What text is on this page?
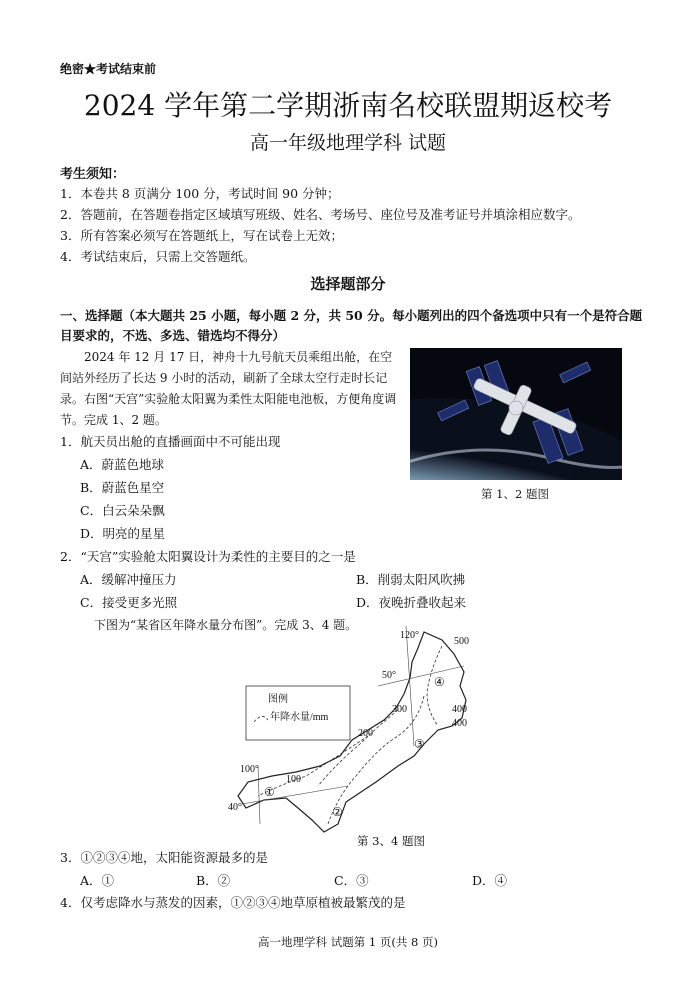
绝密★考试结束前
2024 学年第二学期浙南名校联盟期返校考
高一年级地理学科 试题
考生须知：
1．本卷共 8 页满分 100 分，考试时间 90 分钟；
2．答题前，在答题卷指定区域填写班级、姓名、考场号、座位号及准考证号并填涂相应数字。
3．所有答案必须写在答题纸上，写在试卷上无效；
4．考试结束后，只需上交答题纸。
选择题部分
一、选择题（本大题共 25 小题，每小题 2 分，共 50 分。每小题列出的四个备选项中只有一个是符合题目要求的，不选、多选、错选均不得分）
2024 年 12 月 17 日，神舟十九号航天员乘组出舱，在空间站外经历了长达 9 小时的活动，刷新了全球太空行走时长记录。右图“天宫”实验舱太阳翼为柔性太阳能电池板，方便角度调节。完成 1、2 题。
第 1、2 题图
1．航天员出舱的直播画面中不可能出现
A．蔚蓝色地球
B．蔚蓝色星空
C．白云朵朵飘
D．明亮的星星
2．“天宫”实验舱太阳翼设计为柔性的主要目的之一是
A．缓解冲撞压力	B．削弱太阳风吹拂
C．接受更多光照	D．夜晚折叠收起来
下图为“某省区年降水量分布图”。完成 3、4 题。
120°
100°
50°
40°
500
400
400
300
200
100
④
③
①
②
图例
年降水量/mm
第 3、4 题图
3．①②③④地，太阳能资源最多的是
A．①	B．②	C．③	D．④
4．仅考虑降水与蒸发的因素，①②③④地草原植被最繁茂的是
高一地理学科 试题第 1 页(共 8 页)
